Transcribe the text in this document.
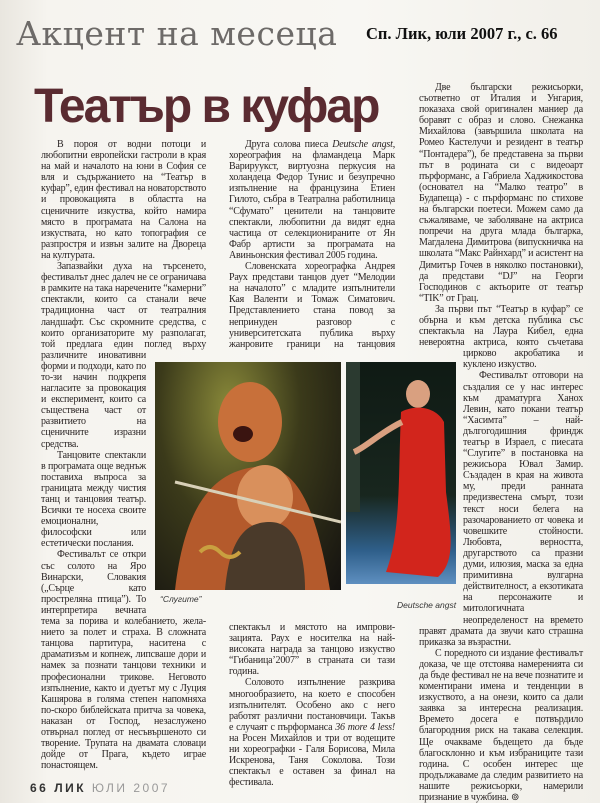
Акцент на месеца Сп. Лик, юли 2007 г., с. 66
Театър в куфар

В пороя от водни потоци и любопитни европейски гастроли в края на май и началото на юни в София се вля и съдържанието на “Театър в куфар”, един фестивал на новаторството и провокацията в областта на сценичните изкуства, който намира място в програмата на Салона на изкуствата, но като топография се разпростря и извън залите на Двореца на културата.

Запазвайки духа на търсенето, фестивалът днес далеч не се ограничава в рамките на така наречените “камерни” спектакли, които са станали вече традиционна част от театралния ландшафт. Със скромните средства, с които организаторите му разполагат, той предлага един поглед върху различните иновативни форми и подходи, като по то-зи начин подкрепя нагласите за провокация и експеримент, които са съществена част от развитието на сценичните изразни средства.

Танцовите спектакли в програмата още веднъж поставиха въпроса за границата между чистия танц и танцовия театър. Всички те носеха своите емоционални, философски или естетически послания.

Фестивалът се откри със солото на Яро Винарски, Словакия („Сърце като простреляна птица”). То интерпретира вечната тема за порива и колебанието, жела-нието за полет и страха. В сложната танцова партитура, наситена с драматизъм и копнеж, липсваше дори и намек за познати танцови техники и професионални трикове. Неговото изпълнение, както и дуетът му с Луция Кашярова в голяма степен напомняха по-скоро библейската притча за човека, наказан от Господ, незаслужено отвърнал поглед от несъвършеното си творение. Трупата на двамата словаци дойде от Прага, където играе понастоящем.

Друга солова пиеса Deutsche angst, хореография на фламандеца Марк Варируукст, виртуозна перкусия на холандеца Федор Тунис и безупречно изпълнение на французина Етиен Гилото, събра в Театрална работилница “Сфумато” ценители на танцовите спектакли, любопитни да видят една частица от селекционираните от Ян Фабр артисти за програмата на Авиньонския фестивал 2005 година.

Словенската хореографка Андрея Раух представи танцов дует “Мелодии на началото” с младите изпълнители Кая Валенти и Томаж Симатович. Представлението стана повод за непринуден разговор с университетската публика върху жанровите граници на танцовия спектакъл и мястото на импрови-зацията. Раух е носителка на най-високата награда за танцово изкуство “Гибаница’2007” в страната си тази година.

Соловото изпълнение разкрива многообразието, на което е способен изпълнителят. Особено ако с него работят различни постановчици. Такъв е случаят с пърформанса 36 more 4 less! на Росен Михайлов и три от водещите ни хореографки - Галя Борисова, Мила Искренова, Таня Соколова. Този спектакъл е оставен за финал на фестивала.

Две български режисьорки, съответно от Италия и Унгария, показаха свой оригинален маниер да боравят с образ и слово. Снежанка Михайлова (завършила школата на Ромео Кастелучи и резидент в театър “Понтадера”), бе представена за първи път в родината си с видеоарт пърформанс, а Габриела Хаджикостова (основател на “Малко театро” в Будапеща) - с пърформанс по стихове на български поетеси. Можем само да съжаляваме, че заболяване на актриса попречи на друга млада българка, Магдалена Димитрова (випускничка на школата “Макс Райнхард” и асистент на Димитър Гочев в няколко постановки), да представи “DJ” на Георги Господинов с актьорите от театър “TIK” от Грац.

За първи път “Театър в куфар” се обърна и към детска публика със спектакъла на Лаура Кибел, една невероятна актриса, която съчетава цирково акробатика и куклено изкуство.

Фестивалът отговори на създалия се у нас интерес към драматурга Ханох Левин, като покани театър “Хасимта” – най-дългогодишния фриндж театър в Израел, с пиесата “Слугите” в постановка на режисьора Ювал Замир. Създаден в края на живота му, преди ранната предизвестена смърт, този текст носи белега на разочарованието от човека и човешките стойности. Любовта, верността, другарството са празни думи, илюзия, маска за една примитивна вулгарна действителност, а екзотиката на персонажите и митологичната неопределеност на времето правят драмата да звучи като страшна приказка за възрастни.

С поредното си издание фестивалът доказа, че ще отстоява намеренията си да бъде фестивал не на вече познатите и коментирани имена и тенденции в изкуството, а на онези, които са дали заявка за интересна реализация. Времето досега е потвърдило благородния риск на такава селекция. Ще очакваме бъдещето да бъде благосклонно и към избраниците тази година. С особен интерес ще продължаваме да следим развитието на нашите режисьорки, намерили признание в чужбина. ⊚

“Слугите”
Deutsche angst
66 ЛИК ЮЛИ 2007
